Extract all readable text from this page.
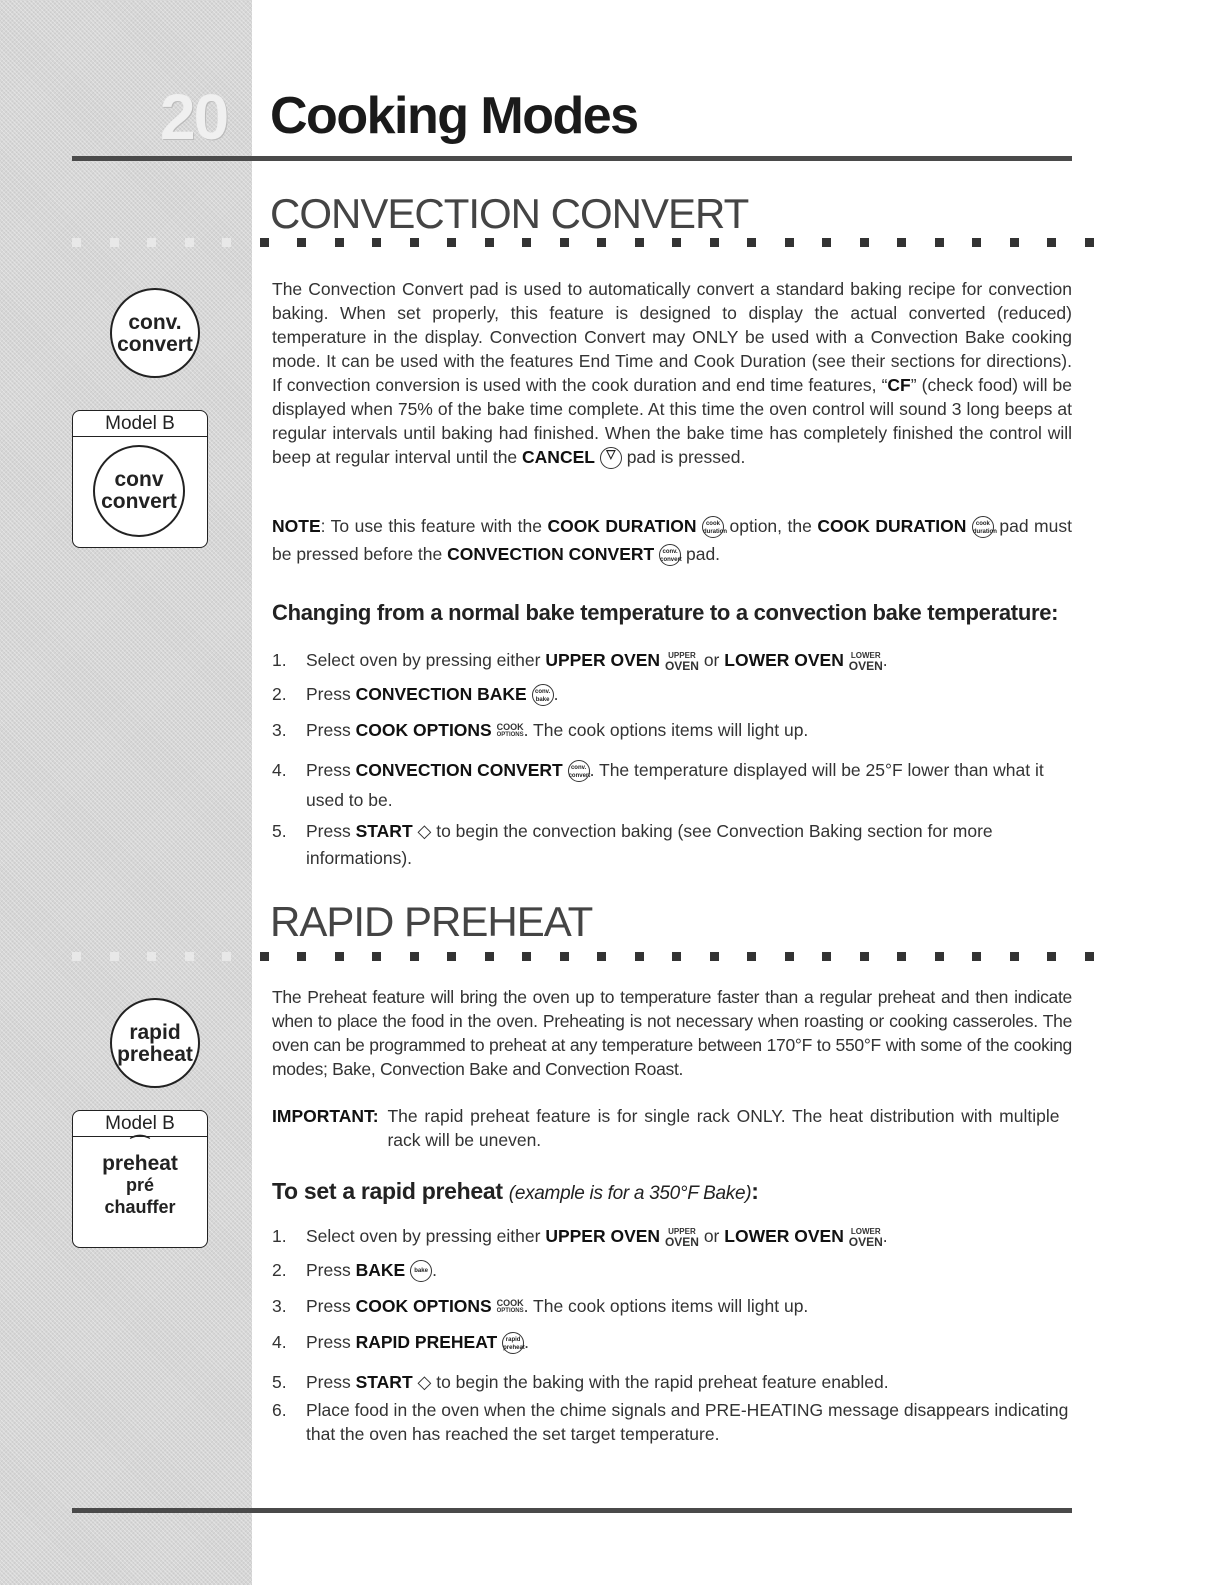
20 Cooking Modes
CONVECTION CONVERT
conv.
convert
Model B
conv
convert
The Convection Convert pad is used to automatically convert a standard baking recipe for convection baking. When set properly, this feature is designed to display the actual converted (reduced) temperature in the display. Convection Convert may ONLY be used with a Convection Bake cooking mode. It can be used with the features End Time and Cook Duration (see their sections for directions). If convection conversion is used with the cook duration and end time features, “CF” (check food) will be displayed when 75% of the bake time complete. At this time the oven control will sound 3 long beeps at regular intervals until baking had finished. When the bake time has completely finished the control will beep at regular interval until the CANCEL ▽ pad is pressed.
NOTE: To use this feature with the COOK DURATION cook
duration option, the COOK DURATION cook
duration pad must be pressed before the CONVECTION CONVERT conv.
convert pad.
Changing from a normal bake temperature to a convection bake temperature:
1. Select oven by pressing either UPPER OVEN	UPPER
OVEN or LOWER OVEN LOWER
OVEN .
2. Press CONVECTION BAKE conv.
bake .
3. Press COOK OPTIONS COOK
OPTIONS . The cook options items will light up.
4. Press CONVECTION CONVERT conv.
convert. The temperature displayed will be 25°F lower than what it used to be.
5. Press START ◇ to begin the convection baking (see Convection Baking section for more informations).
RAPID PREHEAT
rapid
preheat
Model B
⌒
preheat
pré
chauffer
The Preheat feature will bring the oven up to temperature faster than a regular preheat and then indicate when to place the food in the oven. Preheating is not necessary when roasting or cooking casseroles. The oven can be programmed to preheat at any temperature between 170°F to 550°F with some of the cooking modes; Bake, Convection Bake and Convection Roast.
IMPORTANT: The rapid preheat feature is for single rack ONLY. The heat distribution with multiple rack will be uneven.
To set a rapid preheat (example is for a 350°F Bake):
1. Select oven by pressing either UPPER OVEN	UPPER
OVEN or LOWER OVEN LOWER
OVEN .
2. Press BAKE bake .
3. Press COOK OPTIONS COOK
OPTIONS . The cook options items will light up.
4. Press RAPID PREHEAT rapid
preheat.
5. Press START ◇ to begin the baking with the rapid preheat feature enabled.
6. Place food in the oven when the chime signals and PRE-HEATING message disappears indicating that the oven has reached the set target temperature.
